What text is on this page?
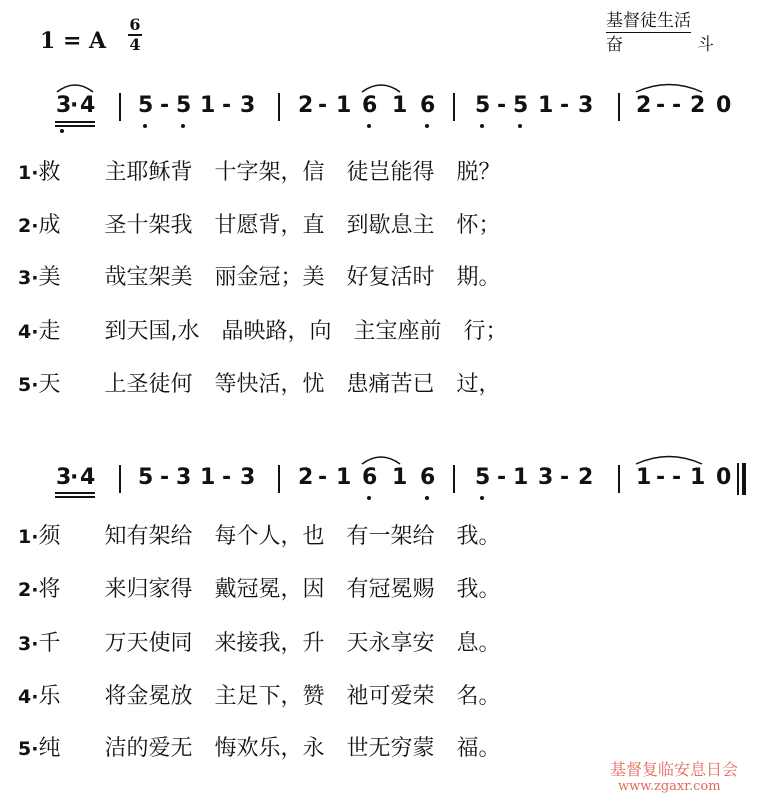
1 = A
6
4
基督徒生活
奋	斗
3
· 4 5 - 5 1 - 3 2 - 1 6 1 6 5 - 5 1 - 3 2 - - 2 0
1·救　　主耶稣背　十字架，信　徒岂能得　脱？
2·成　　圣十架我　甘愿背，直　到歇息主　怀；
3·美　　哉宝架美　丽金冠；美　好复活时　期。
4·走　　到天国,水　晶映路，向　主宝座前　行；
5·天　　上圣徒何　等快活，忧　患痛苦已　过，
3
· 4 5 - 3 1 - 3 2 - 1 6 1 6 5 - 1 3 - 2 1 - - 1 0
1·须　　知有架给　每个人，也　有一架给　我。
2·将　　来归家得　戴冠冕，因　有冠冕赐　我。
3·千　　万天使同　来接我，升　天永享安　息。
4·乐　　将金冕放　主足下，赞　祂可爱荣　名。
5·纯　　洁的爱无　悔欢乐，永　世无穷蒙　福。
基督复临安息日会
www.zgaxr.com
